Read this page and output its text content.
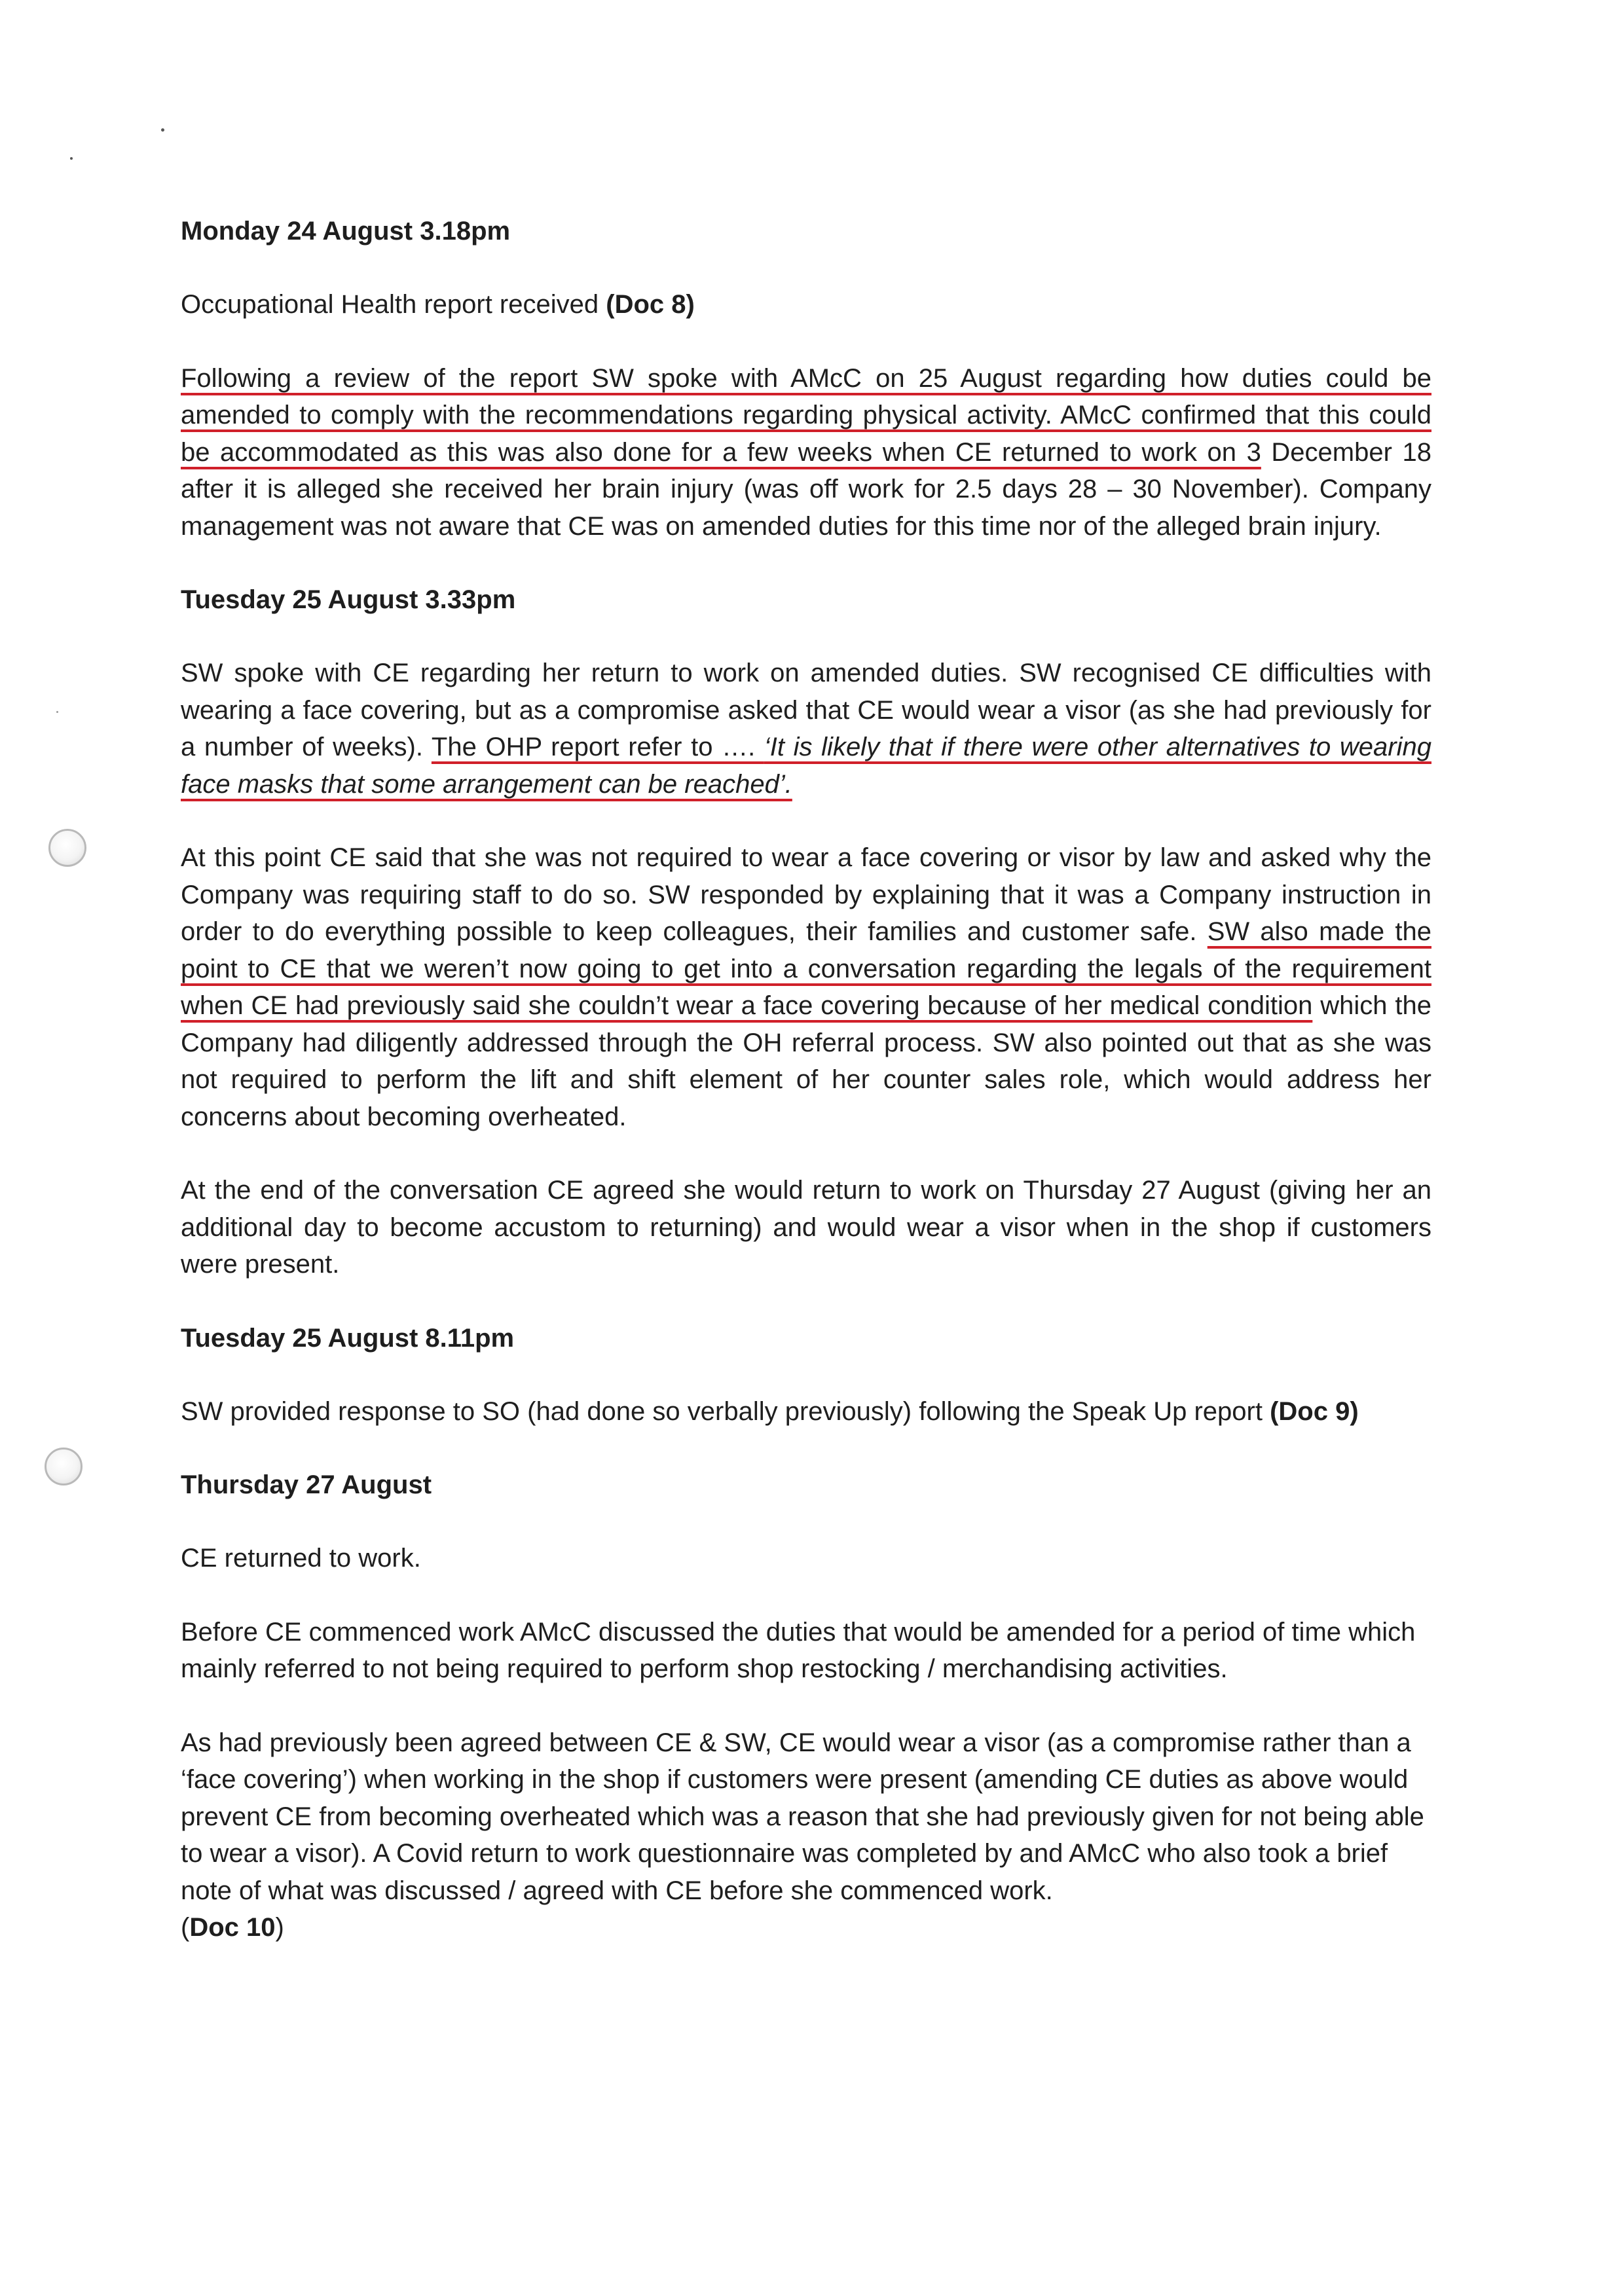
Monday 24 August 3.18pm
Occupational Health report received (Doc 8)
Following a review of the report SW spoke with AMcC on 25 August regarding how duties could be amended to comply with the recommendations regarding physical activity. AMcC confirmed that this could be accommodated as this was also done for a few weeks when CE returned to work on 3 December 18 after it is alleged she received her brain injury (was off work for 2.5 days 28 – 30 November). Company management was not aware that CE was on amended duties for this time nor of the alleged brain injury.
Tuesday 25 August 3.33pm
SW spoke with CE regarding her return to work on amended duties. SW recognised CE difficulties with wearing a face covering, but as a compromise asked that CE would wear a visor (as she had previously for a number of weeks). The OHP report refer to …. ‘It is likely that if there were other alternatives to wearing face masks that some arrangement can be reached’.
At this point CE said that she was not required to wear a face covering or visor by law and asked why the Company was requiring staff to do so. SW responded by explaining that it was a Company instruction in order to do everything possible to keep colleagues, their families and customer safe. SW also made the point to CE that we weren’t now going to get into a conversation regarding the legals of the requirement when CE had previously said she couldn’t wear a face covering because of her medical condition which the Company had diligently addressed through the OH referral process. SW also pointed out that as she was not required to perform the lift and shift element of her counter sales role, which would address her concerns about becoming overheated.
At the end of the conversation CE agreed she would return to work on Thursday 27 August (giving her an additional day to become accustom to returning) and would wear a visor when in the shop if customers were present.
Tuesday 25 August 8.11pm
SW provided response to SO (had done so verbally previously) following the Speak Up report (Doc 9)
Thursday 27 August
CE returned to work.
Before CE commenced work AMcC discussed the duties that would be amended for a period of time which mainly referred to not being required to perform shop restocking / merchandising activities.
As had previously been agreed between CE & SW, CE would wear a visor (as a compromise rather than a ‘face covering’) when working in the shop if customers were present (amending CE duties as above would prevent CE from becoming overheated which was a reason that she had previously given for not being able to wear a visor). A Covid return to work questionnaire was completed by and AMcC who also took a brief note of what was discussed / agreed with CE before she commenced work.
(Doc 10)
